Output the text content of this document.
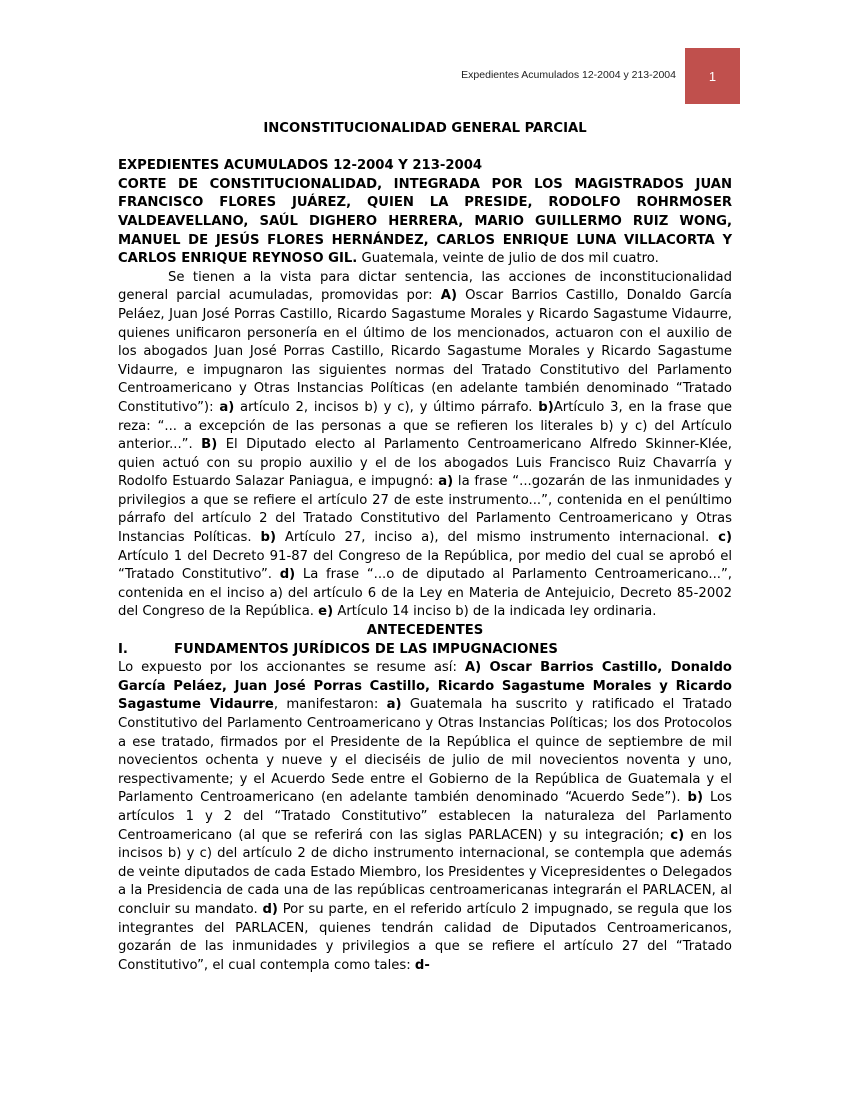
Expedientes Acumulados 12-2004 y 213-2004	1

INCONSTITUCIONALIDAD GENERAL PARCIAL

EXPEDIENTES ACUMULADOS 12-2004 Y 213-2004

CORTE DE CONSTITUCIONALIDAD, INTEGRADA POR LOS MAGISTRADOS JUAN FRANCISCO FLORES JUÁREZ, QUIEN LA PRESIDE, RODOLFO ROHRMOSER VALDEAVELLANO, SAÚL DIGHERO HERRERA, MARIO GUILLERMO RUIZ WONG, MANUEL DE JESÚS FLORES HERNÁNDEZ, CARLOS ENRIQUE LUNA VILLACORTA Y CARLOS ENRIQUE REYNOSO GIL. Guatemala, veinte de julio de dos mil cuatro.

Se tienen a la vista para dictar sentencia, las acciones de inconstitucionalidad general parcial acumuladas, promovidas por: A) Oscar Barrios Castillo, Donaldo García Peláez, Juan José Porras Castillo, Ricardo Sagastume Morales y Ricardo Sagastume Vidaurre, quienes unificaron personería en el último de los mencionados, actuaron con el auxilio de los abogados Juan José Porras Castillo, Ricardo Sagastume Morales y Ricardo Sagastume Vidaurre, e impugnaron las siguientes normas del Tratado Constitutivo del Parlamento Centroamericano y Otras Instancias Políticas (en adelante también denominado “Tratado Constitutivo”): a) artículo 2, incisos b) y c), y último párrafo. b)Artículo 3, en la frase que reza: “... a excepción de las personas a que se refieren los literales b) y c) del Artículo anterior...”. B) El Diputado electo al Parlamento Centroamericano Alfredo Skinner-Klée, quien actuó con su propio auxilio y el de los abogados Luis Francisco Ruiz Chavarría y Rodolfo Estuardo Salazar Paniagua, e impugnó: a) la frase “...gozarán de las inmunidades y privilegios a que se refiere el artículo 27 de este instrumento...”, contenida en el penúltimo párrafo del artículo 2 del Tratado Constitutivo del Parlamento Centroamericano y Otras Instancias Políticas. b) Artículo 27, inciso a), del mismo instrumento internacional. c) Artículo 1 del Decreto 91-87 del Congreso de la República, por medio del cual se aprobó el “Tratado Constitutivo”. d) La frase “...o de diputado al Parlamento Centroamericano...”, contenida en el inciso a) del artículo 6 de la Ley en Materia de Antejuicio, Decreto 85-2002 del Congreso de la República. e) Artículo 14 inciso b) de la indicada ley ordinaria.

ANTECEDENTES

I.	FUNDAMENTOS JURÍDICOS DE LAS IMPUGNACIONES

Lo expuesto por los accionantes se resume así: A) Oscar Barrios Castillo, Donaldo García Peláez, Juan José Porras Castillo, Ricardo Sagastume Morales y Ricardo Sagastume Vidaurre, manifestaron: a) Guatemala ha suscrito y ratificado el Tratado Constitutivo del Parlamento Centroamericano y Otras Instancias Políticas; los dos Protocolos a ese tratado, firmados por el Presidente de la República el quince de septiembre de mil novecientos ochenta y nueve y el dieciséis de julio de mil novecientos noventa y uno, respectivamente; y el Acuerdo Sede entre el Gobierno de la República de Guatemala y el Parlamento Centroamericano (en adelante también denominado “Acuerdo Sede”). b) Los artículos 1 y 2 del “Tratado Constitutivo” establecen la naturaleza del Parlamento Centroamericano (al que se referirá con las siglas PARLACEN) y su integración; c) en los incisos b) y c) del artículo 2 de dicho instrumento internacional, se contempla que además de veinte diputados de cada Estado Miembro, los Presidentes y Vicepresidentes o Delegados a la Presidencia de cada una de las repúblicas centroamericanas integrarán el PARLACEN, al concluir su mandato. d) Por su parte, en el referido artículo 2 impugnado, se regula que los integrantes del PARLACEN, quienes tendrán calidad de Diputados Centroamericanos, gozarán de las inmunidades y privilegios a que se refiere el artículo 27 del “Tratado Constitutivo”, el cual contempla como tales: d-
